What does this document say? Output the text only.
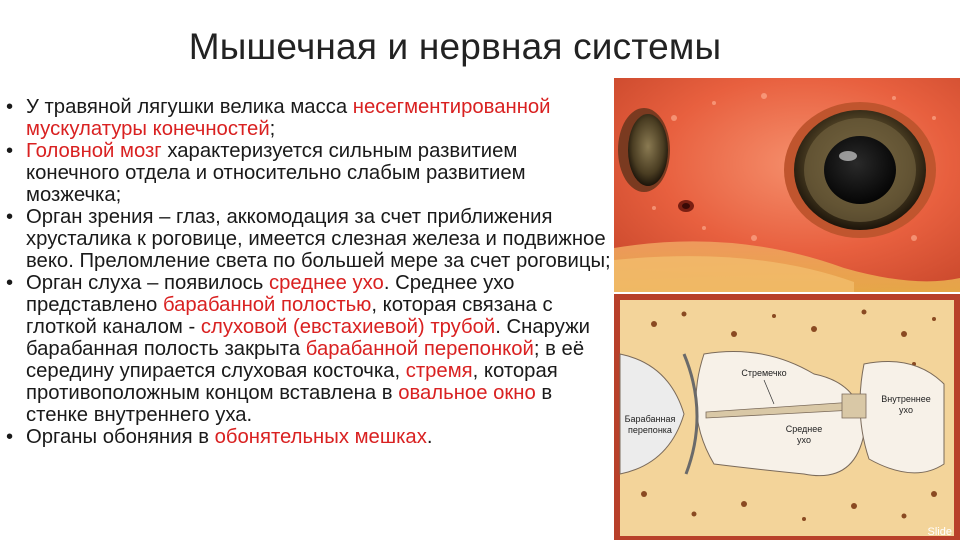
Мышечная и нервная системы
• У травяной лягушки велика масса несегментированной мускулатуры конечностей;
• Головной мозг характеризуется сильным развитием конечного отдела и относительно слабым развитием мозжечка;
• Орган зрения – глаз, аккомодация за счет приближения хрусталика к роговице, имеется слезная железа и подвижное веко. Преломление света по большей мере за счет роговицы;
• Орган слуха – появилось среднее ухо. Среднее ухо представлено барабанной полостью, которая связана с глоткой каналом - слуховой (евстахиевой) трубой. Снаружи барабанная полость закрыта барабанной перепонкой; в её середину упирается слуховая косточка, стремя, которая противоположным концом вставлена в овальное окно в стенке внутреннего уха.
• Органы обоняния в обонятельных мешках.
Стремечко
Внутреннее
ухо
Среднее
ухо
Барабанная
перепонка
Slide
